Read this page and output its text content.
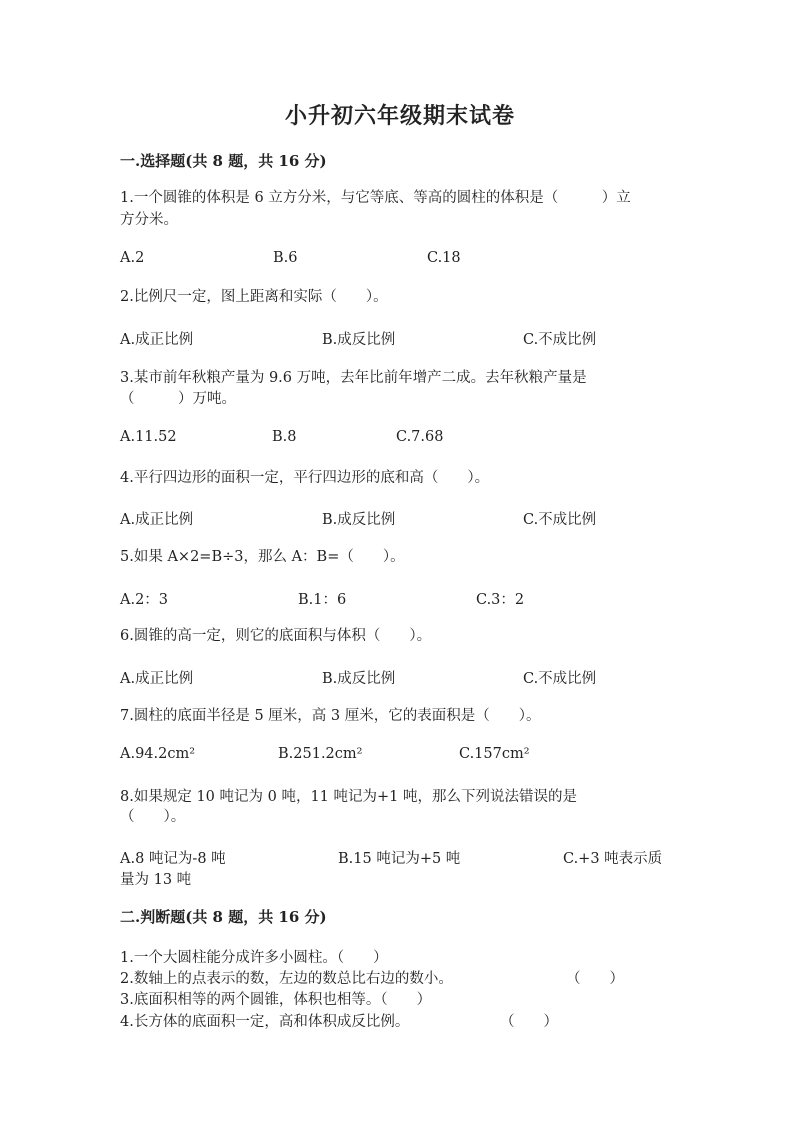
小升初六年级期末试卷
一.选择题(共 8 题，共 16 分)
1.一个圆锥的体积是 6 立方分米，与它等底、等高的圆柱的体积是（　　　）立
方分米。
A.2	B.6	C.18
2.比例尺一定，图上距离和实际（　　）。
A.成正比例	B.成反比例	C.不成比例
3.某市前年秋粮产量为 9.6 万吨，去年比前年增产二成。去年秋粮产量是
（　　　）万吨。
A.11.52	B.8	C.7.68
4.平行四边形的面积一定，平行四边形的底和高（　　）。
A.成正比例	B.成反比例	C.不成比例
5.如果 A×2=B÷3，那么 A：B=（　　）。
A.2：3	B.1：6	C.3：2
6.圆锥的高一定，则它的底面积与体积（　　）。
A.成正比例	B.成反比例	C.不成比例
7.圆柱的底面半径是 5 厘米，高 3 厘米，它的表面积是（　　）。
A.94.2cm²	B.251.2cm²	C.157cm²
8.如果规定 10 吨记为 0 吨，11 吨记为+1 吨，那么下列说法错误的是
（　　）。
A.8 吨记为-8 吨	B.15 吨记为+5 吨	C.+3 吨表示质
量为 13 吨
二.判断题(共 8 题，共 16 分)
1.一个大圆柱能分成许多小圆柱。（　　）
2.数轴上的点表示的数，左边的数总比右边的数小。	（　　）
3.底面积相等的两个圆锥，体积也相等。（　　）
4.长方体的底面积一定，高和体积成反比例。	（　　）
